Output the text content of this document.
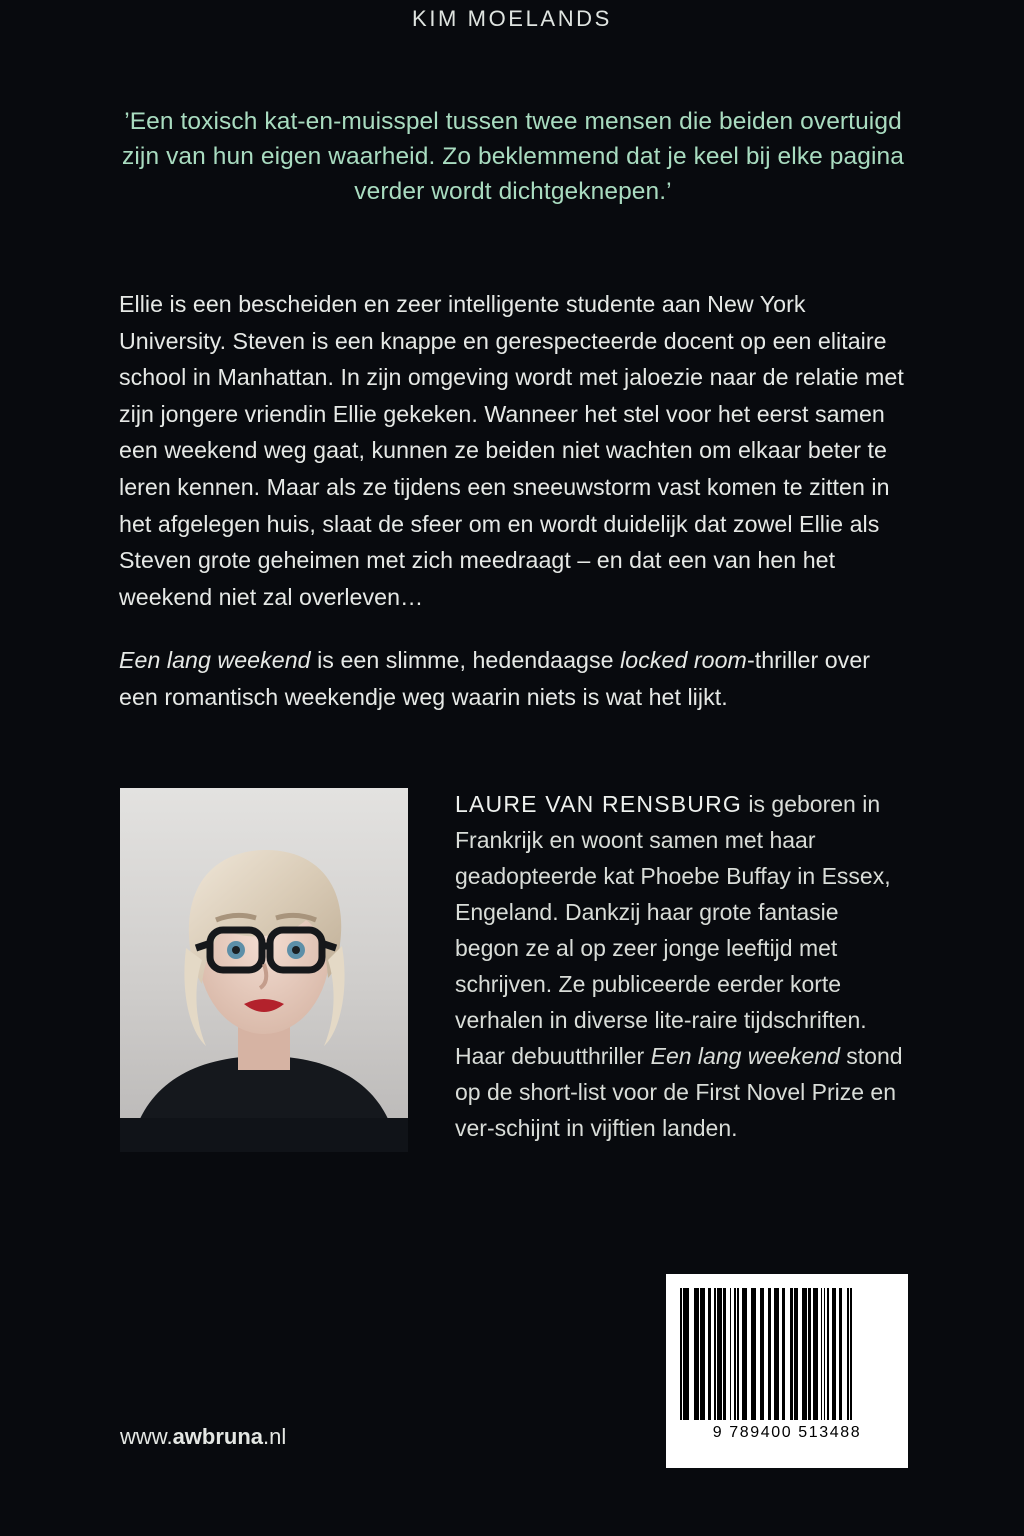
’Een toxisch kat-en-muisspel tussen twee mensen die beiden overtuigd zijn van hun eigen waarheid. Zo beklemmend dat je keel bij elke pagina verder wordt dichtgeknepen.’
KIM MOELANDS

Ellie is een bescheiden en zeer intelligente studente aan New York University. Steven is een knappe en gerespecteerde docent op een elitaire school in Manhattan. In zijn omgeving wordt met jaloezie naar de relatie met zijn jongere vriendin Ellie gekeken. Wanneer het stel voor het eerst samen een weekend weg gaat, kunnen ze beiden niet wachten om elkaar beter te leren kennen. Maar als ze tijdens een sneeuwstorm vast komen te zitten in het afgelegen huis, slaat de sfeer om en wordt duidelijk dat zowel Ellie als Steven grote geheimen met zich meedraagt – en dat een van hen het weekend niet zal overleven…

Een lang weekend is een slimme, hedendaagse locked room-thriller over een romantisch weekendje weg waarin niets is wat het lijkt.

LAURE VAN RENSBURG is geboren in Frankrijk en woont samen met haar geadopteerde kat Phoebe Buffay in Essex, Engeland. Dankzij haar grote fantasie begon ze al op zeer jonge leeftijd met schrijven. Ze publiceerde eerder korte verhalen in diverse lite-raire tijdschriften. Haar debuutthriller Een lang weekend stond op de short-list voor de First Novel Prize en ver-schijnt in vijftien landen.
9 789400 513488
www.awbruna.nl
